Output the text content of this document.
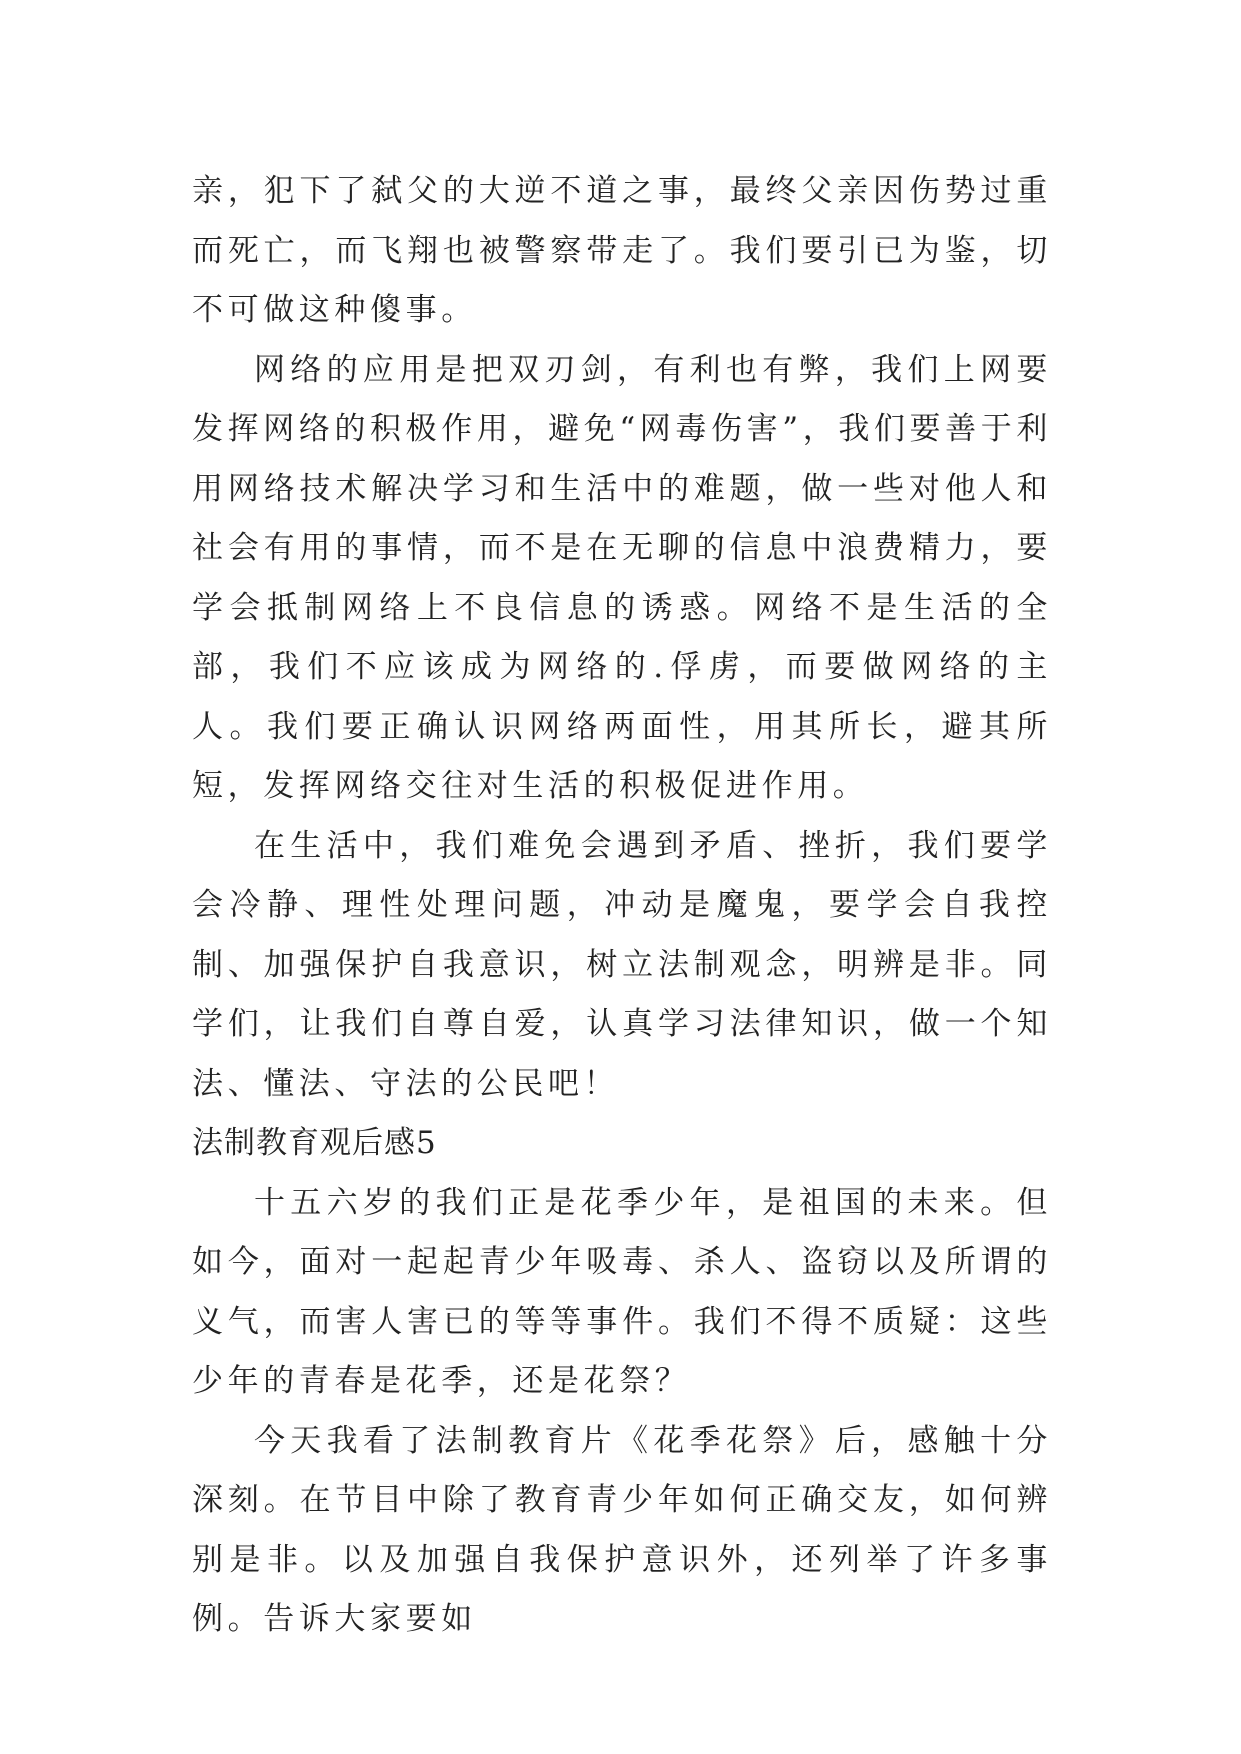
亲，犯下了弑父的大逆不道之事，最终父亲因伤势过重而死亡，而飞翔也被警察带走了。我们要引已为鉴，切不可做这种傻事。

网络的应用是把双刃剑，有利也有弊，我们上网要发挥网络的积极作用，避免“网毒伤害”，我们要善于利用网络技术解决学习和生活中的难题，做一些对他人和社会有用的事情，而不是在无聊的信息中浪费精力，要学会抵制网络上不良信息的诱惑。网络不是生活的全部，我们不应该成为网络的.俘虏，而要做网络的主人。我们要正确认识网络两面性，用其所长，避其所短，发挥网络交往对生活的积极促进作用。

在生活中，我们难免会遇到矛盾、挫折，我们要学会冷静、理性处理问题，冲动是魔鬼，要学会自我控制、加强保护自我意识，树立法制观念，明辨是非。同学们，让我们自尊自爱，认真学习法律知识，做一个知法、懂法、守法的公民吧！

法制教育观后感5

十五六岁的我们正是花季少年，是祖国的未来。但如今，面对一起起青少年吸毒、杀人、盗窃以及所谓的义气，而害人害已的等等事件。我们不得不质疑：这些少年的青春是花季，还是花祭？

今天我看了法制教育片《花季花祭》后，感触十分深刻。在节目中除了教育青少年如何正确交友，如何辨别是非。以及加强自我保护意识外，还列举了许多事例。告诉大家要如
